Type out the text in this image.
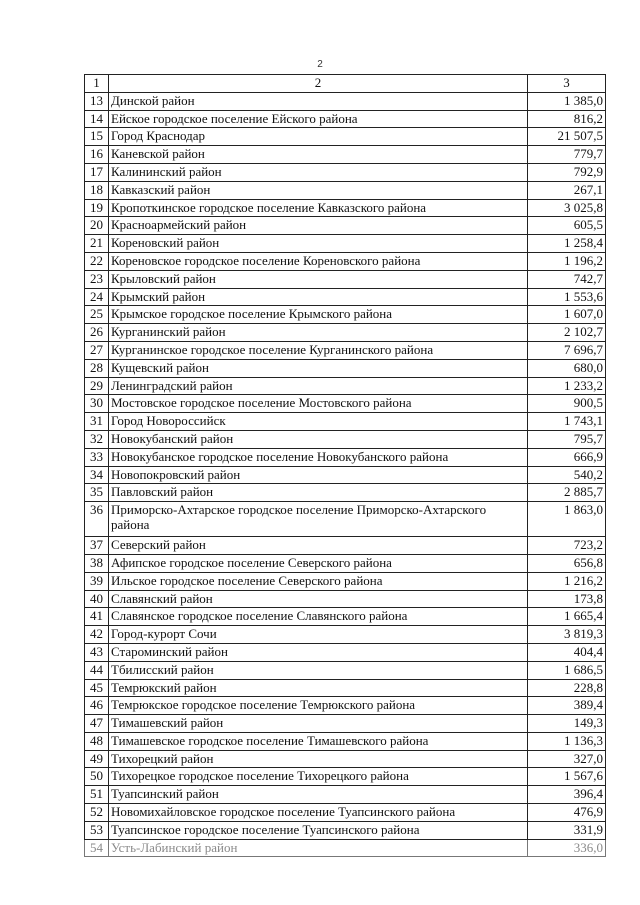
2
1	2	3
13	Динской район	1 385,0
14	Ейское городское поселение Ейского района	816,2
15	Город Краснодар	21 507,5
16	Каневской район	779,7
17	Калининский район	792,9
18	Кавказский район	267,1
19	Кропоткинское городское поселение Кавказского района	3 025,8
20	Красноармейский район	605,5
21	Кореновский район	1 258,4
22	Кореновское городское поселение Кореновского района	1 196,2
23	Крыловский район	742,7
24	Крымский район	1 553,6
25	Крымское городское поселение Крымского района	1 607,0
26	Курганинский район	2 102,7
27	Курганинское городское поселение Курганинского района	7 696,7
28	Кущевский район	680,0
29	Ленинградский район	1 233,2
30	Мостовское городское поселение Мостовского района	900,5
31	Город Новороссийск	1 743,1
32	Новокубанский район	795,7
33	Новокубанское городское поселение Новокубанского района	666,9
34	Новопокровский район	540,2
35	Павловский район	2 885,7
36	Приморско-Ахтарское городское поселение Приморско-Ахтарского района	1 863,0
37	Северский район	723,2
38	Афипское городское поселение Северского района	656,8
39	Ильское городское поселение Северского района	1 216,2
40	Славянский район	173,8
41	Славянское городское поселение Славянского района	1 665,4
42	Город-курорт Сочи	3 819,3
43	Староминский район	404,4
44	Тбилисский район	1 686,5
45	Темрюкский район	228,8
46	Темрюкское городское поселение Темрюкского района	389,4
47	Тимашевский район	149,3
48	Тимашевское городское поселение Тимашевского района	1 136,3
49	Тихорецкий район	327,0
50	Тихорецкое городское поселение Тихорецкого района	1 567,6
51	Туапсинский район	396,4
52	Новомихайловское городское поселение Туапсинского района	476,9
53	Туапсинское городское поселение Туапсинского района	331,9
54	Усть-Лабинский район	336,0
